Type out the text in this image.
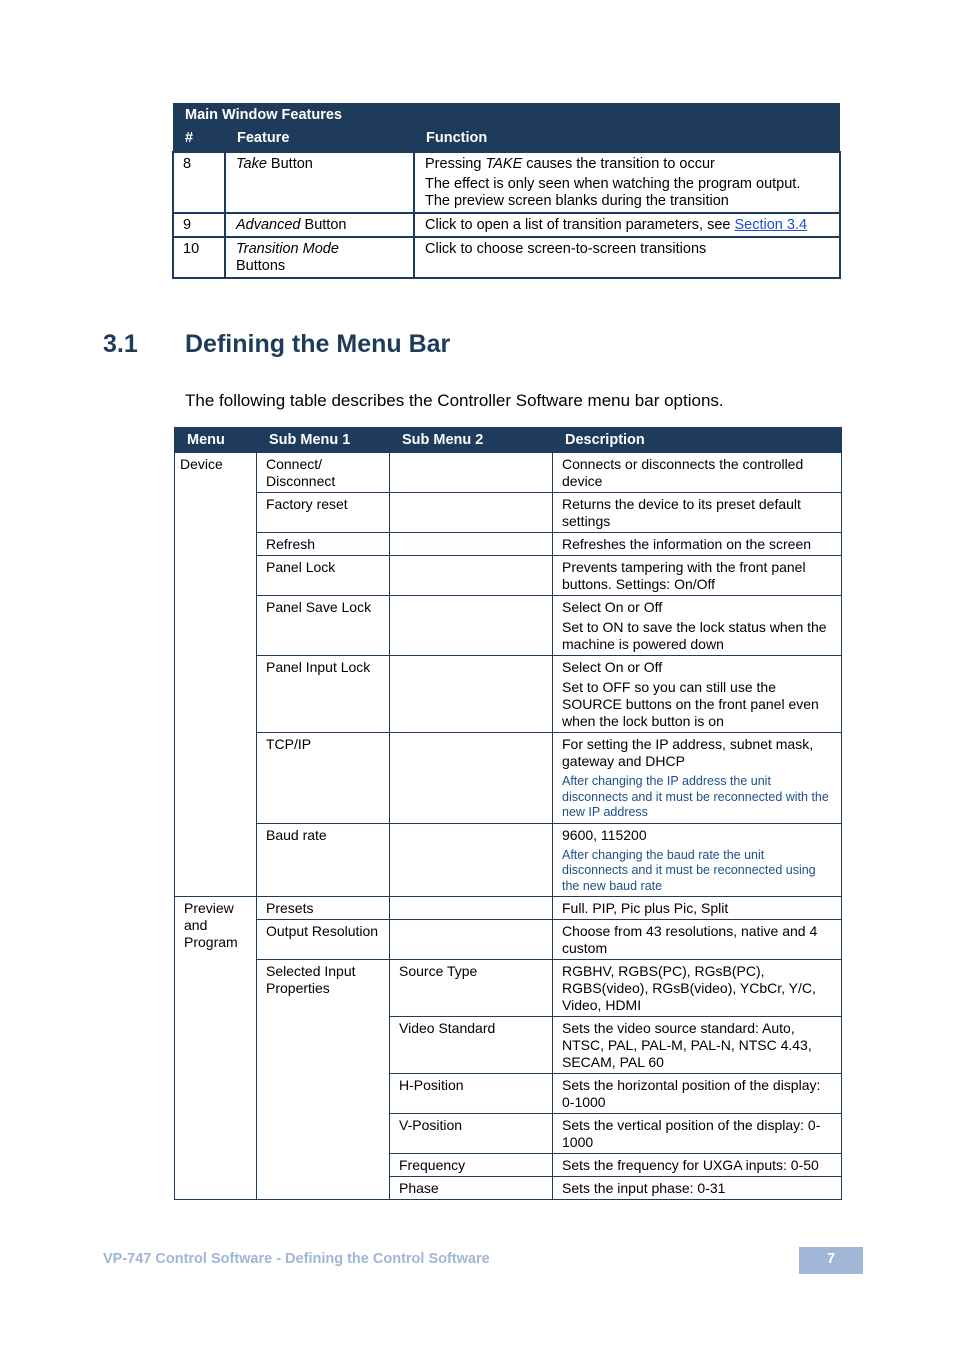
Main Window Features		
#	Feature	Function

8	Take Button	Pressing TAKE causes the transition to occur
The effect is only seen when watching the program output. The preview screen blanks during the transition

9	Advanced Button	Click to open a list of transition parameters, see Section 3.4

10	Transition Mode
Buttons	Click to choose screen-to-screen transitions
3.1 Defining the Menu Bar
The following table describes the Controller Software menu bar options.
Menu	Sub Menu 1	Sub Menu 2	Description
Device	Connect/ Disconnect		Connects or disconnects the controlled device
	Factory reset		Returns the device to its preset default settings
	Refresh		Refreshes the information on the screen
	Panel Lock		Prevents tampering with the front panel buttons. Settings: On/Off
	Panel Save Lock		Select On or Off
Set to ON to save the lock status when the machine is powered down

	Panel Input Lock		Select On or Off
Set to OFF so you can still use the SOURCE buttons on the front panel even when the lock button is on

	TCP/IP		For setting the IP address, subnet mask, gateway and DHCP
After changing the IP address the unit disconnects and it must be reconnected with the new IP address

	Baud rate		9600, 115200
After changing the baud rate the unit disconnects and it must be reconnected using the new baud rate

Preview
and
Program	Presets		Full. PIP, Pic plus Pic, Split
	Output Resolution		Choose from 43 resolutions, native and 4 custom
	Selected Input Properties	Source Type	RGBHV, RGBS(PC), RGsB(PC), RGBS(video), RGsB(video), YCbCr, Y/C, Video, HDMI
		Video Standard	Sets the video source standard: Auto, NTSC, PAL, PAL-M, PAL-N, NTSC 4.43, SECAM, PAL 60
		H-Position	Sets the horizontal position of the display: 0-1000
		V-Position	Sets the vertical position of the display: 0-1000
		Frequency	Sets the frequency for UXGA inputs: 0-50
		Phase	Sets the input phase: 0-31
VP-747 Control Software - Defining the Control Software	7
